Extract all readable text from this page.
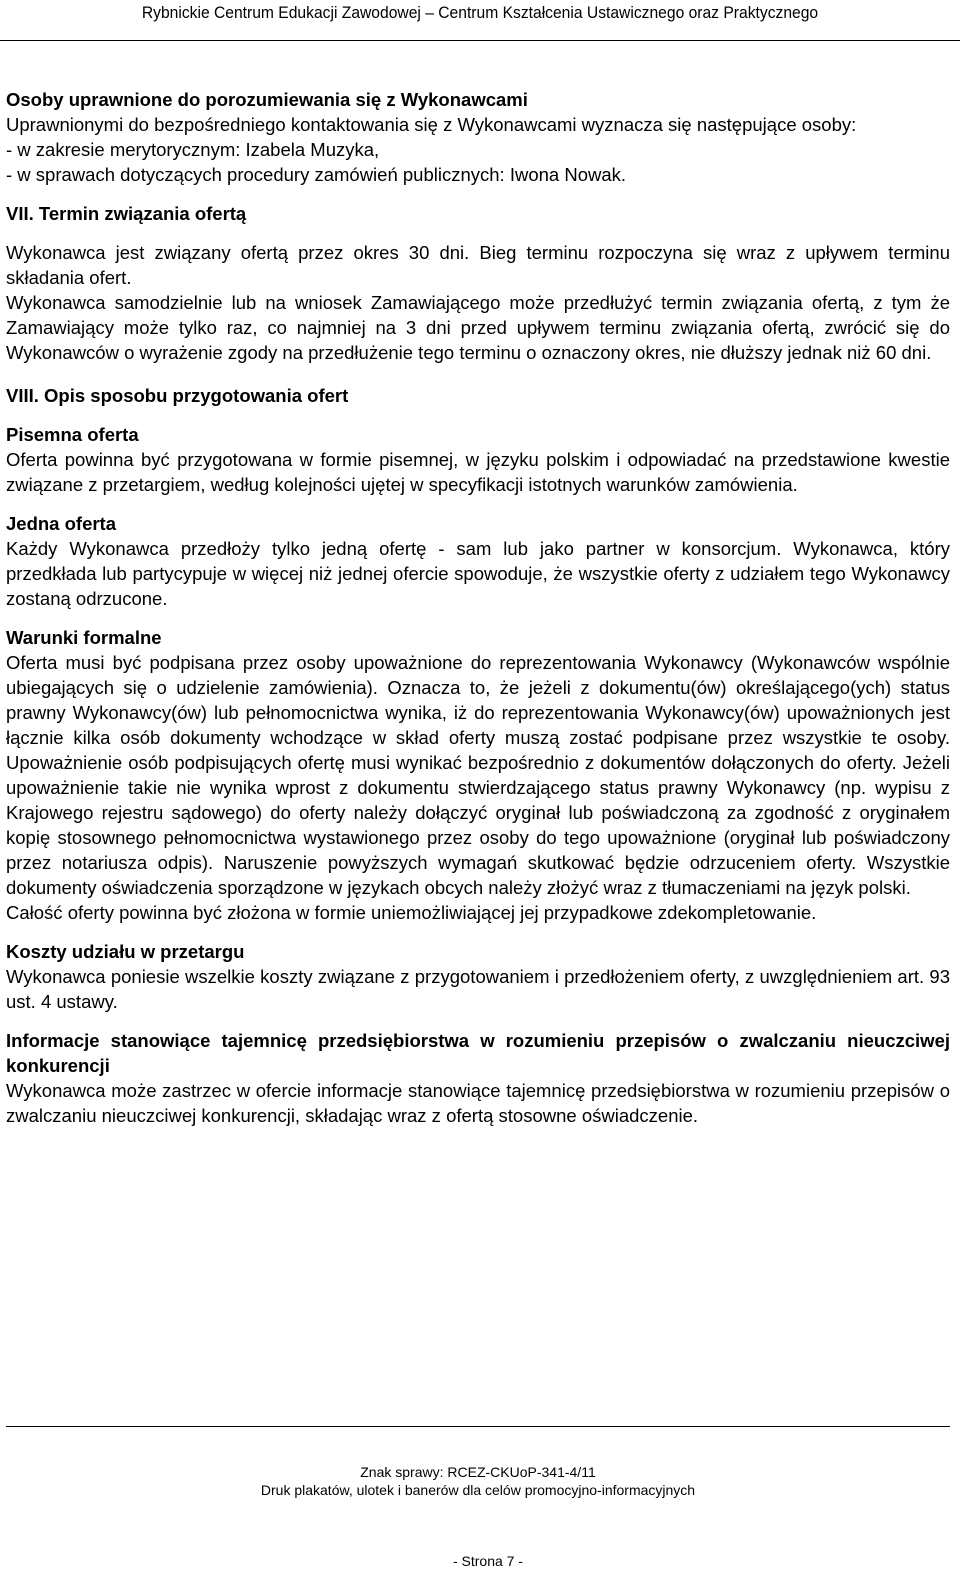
Rybnickie Centrum Edukacji Zawodowej – Centrum Kształcenia Ustawicznego oraz Praktycznego

Osoby uprawnione do porozumiewania się z Wykonawcami

Uprawnionymi do bezpośredniego kontaktowania się z Wykonawcami wyznacza się następujące osoby:

- w zakresie merytorycznym: Izabela Muzyka,

- w sprawach dotyczących procedury zamówień publicznych: Iwona Nowak.

VII. Termin związania ofertą

Wykonawca jest związany ofertą przez okres 30 dni. Bieg terminu rozpoczyna się wraz z upływem terminu składania ofert.

Wykonawca samodzielnie lub na wniosek Zamawiającego może przedłużyć termin związania ofertą, z tym że Zamawiający może tylko raz, co najmniej na 3 dni przed upływem terminu związania ofertą, zwrócić się do Wykonawców o wyrażenie zgody na przedłużenie tego terminu o oznaczony okres, nie dłuższy jednak niż 60 dni.

VIII. Opis sposobu przygotowania ofert

Pisemna oferta

Oferta powinna być przygotowana w formie pisemnej, w języku polskim i odpowiadać na przedstawione kwestie związane z przetargiem, według kolejności ujętej w specyfikacji istotnych warunków zamówienia.

Jedna oferta

Każdy Wykonawca przedłoży tylko jedną ofertę - sam lub jako partner w konsorcjum. Wykonawca, który przedkłada lub partycypuje w więcej niż jednej ofercie spowoduje, że wszystkie oferty z udziałem tego Wykonawcy zostaną odrzucone.

Warunki formalne

Oferta musi być podpisana przez osoby upoważnione do reprezentowania Wykonawcy (Wykonawców wspólnie ubiegających się o udzielenie zamówienia). Oznacza to, że jeżeli z dokumentu(ów) określającego(ych) status prawny Wykonawcy(ów) lub pełnomocnictwa wynika, iż do reprezentowania Wykonawcy(ów) upoważnionych jest łącznie kilka osób dokumenty wchodzące w skład oferty muszą zostać podpisane przez wszystkie te osoby. Upoważnienie osób podpisujących ofertę musi wynikać bezpośrednio z dokumentów dołączonych do oferty. Jeżeli upoważnienie takie nie wynika wprost z dokumentu stwierdzającego status prawny Wykonawcy (np. wypisu z Krajowego rejestru sądowego) do oferty należy dołączyć oryginał lub poświadczoną za zgodność z oryginałem kopię stosownego pełnomocnictwa wystawionego przez osoby do tego upoważnione (oryginał lub poświadczony przez notariusza odpis). Naruszenie powyższych wymagań skutkować będzie odrzuceniem oferty. Wszystkie dokumenty oświadczenia sporządzone w językach obcych należy złożyć wraz z tłumaczeniami na język polski.

Całość oferty powinna być złożona w formie uniemożliwiającej jej przypadkowe zdekompletowanie.

Koszty udziału w przetargu

Wykonawca poniesie wszelkie koszty związane z przygotowaniem i przedłożeniem oferty, z uwzględnieniem art. 93 ust. 4 ustawy.

Informacje stanowiące tajemnicę przedsiębiorstwa w rozumieniu przepisów o zwalczaniu nieuczciwej konkurencji

Wykonawca może zastrzec w ofercie informacje stanowiące tajemnicę przedsiębiorstwa w rozumieniu przepisów o zwalczaniu nieuczciwej konkurencji, składając wraz z ofertą stosowne oświadczenie.

Znak sprawy: RCEZ-CKUoP-341-4/11
Druk plakatów, ulotek i banerów dla celów promocyjno-informacyjnych
- Strona 7 -
